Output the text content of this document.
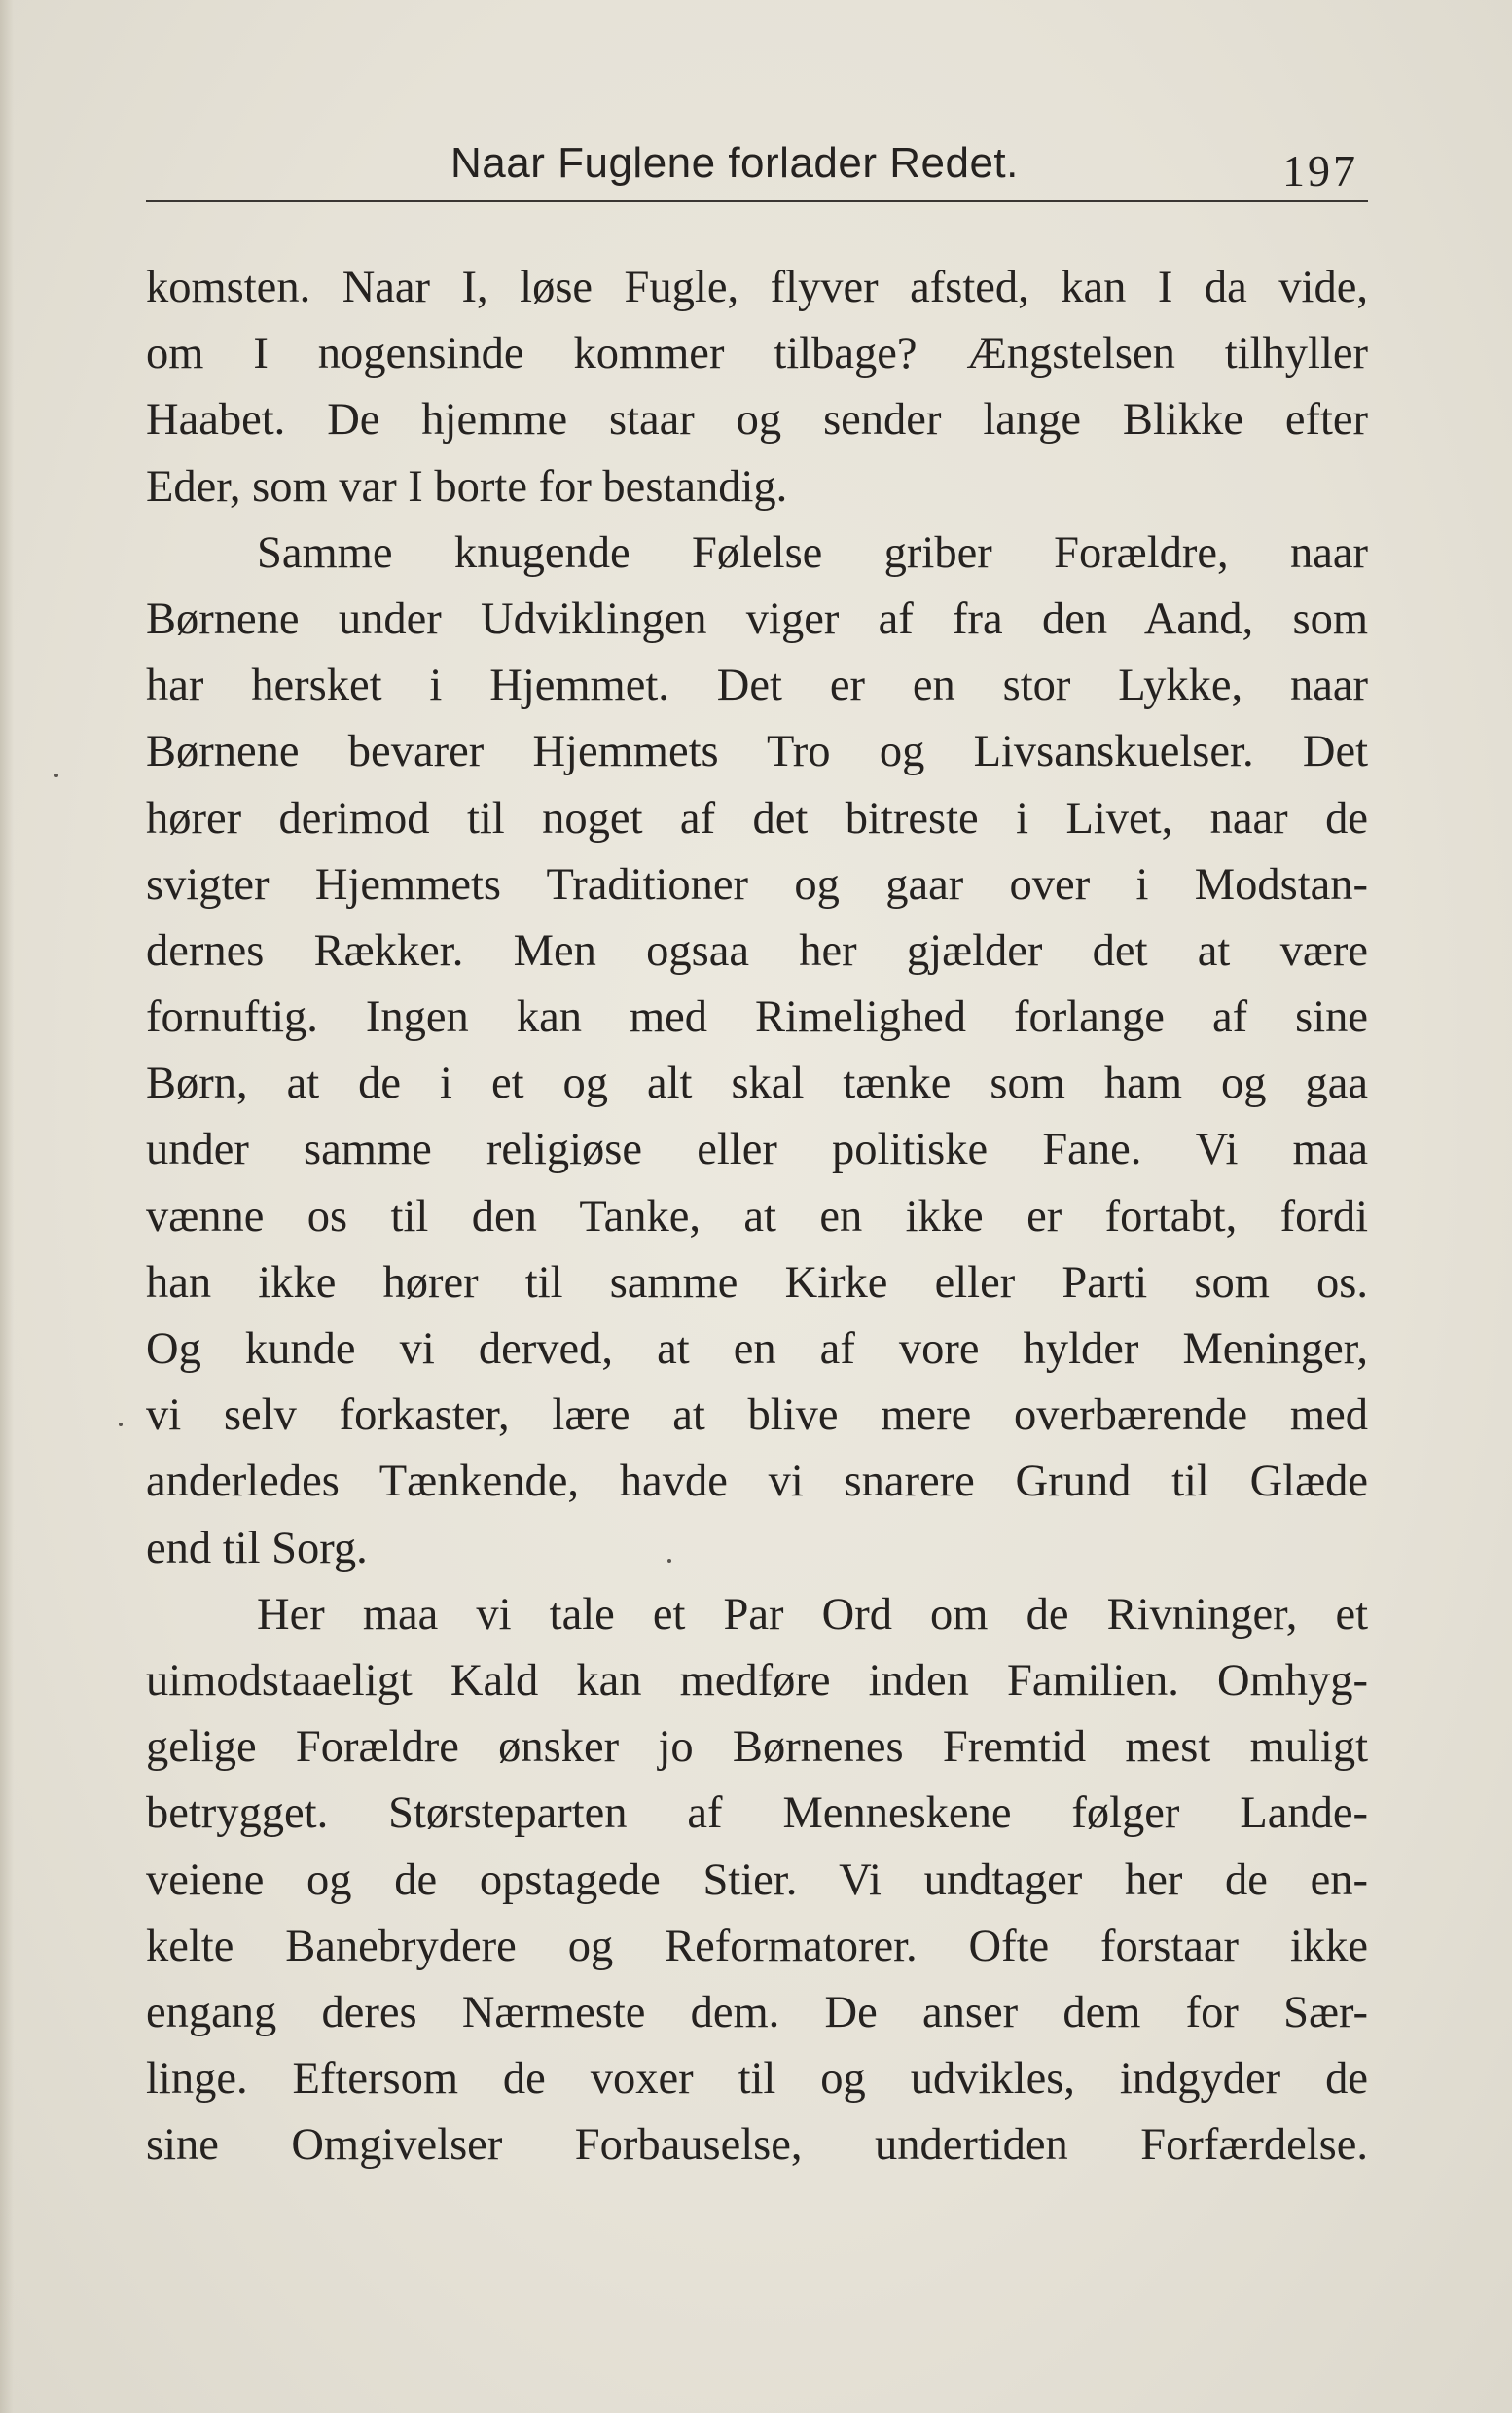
Naar Fuglene forlader Redet.	197
komsten. Naar I, løse Fugle, flyver afsted, kan I da vide,
om I nogensinde kommer tilbage? Ængstelsen tilhyller
Haabet. De hjemme staar og sender lange Blikke efter
Eder, som var I borte for bestandig.
Samme knugende Følelse griber Forældre, naar
Børnene under Udviklingen viger af fra den Aand, som
har hersket i Hjemmet. Det er en stor Lykke, naar
Børnene bevarer Hjemmets Tro og Livsanskuelser. Det
hører derimod til noget af det bitreste i Livet, naar de
svigter Hjemmets Traditioner og gaar over i Modstan-
dernes Rækker. Men ogsaa her gjælder det at være
fornuftig. Ingen kan med Rimelighed forlange af sine
Børn, at de i et og alt skal tænke som ham og gaa
under samme religiøse eller politiske Fane. Vi maa
vænne os til den Tanke, at en ikke er fortabt, fordi
han ikke hører til samme Kirke eller Parti som os.
Og kunde vi derved, at en af vore hylder Meninger,
vi selv forkaster, lære at blive mere overbærende med
anderledes Tænkende, havde vi snarere Grund til Glæde
end til Sorg.
Her maa vi tale et Par Ord om de Rivninger, et
uimodstaaeligt Kald kan medføre inden Familien. Omhyg-
gelige Forældre ønsker jo Børnenes Fremtid mest muligt
betrygget. Størsteparten af Menneskene følger Lande-
veiene og de opstagede Stier. Vi undtager her de en-
kelte Banebrydere og Reformatorer. Ofte forstaar ikke
engang deres Nærmeste dem. De anser dem for Sær-
linge. Eftersom de voxer til og udvikles, indgyder de
sine Omgivelser Forbauselse, undertiden Forfærdelse.
